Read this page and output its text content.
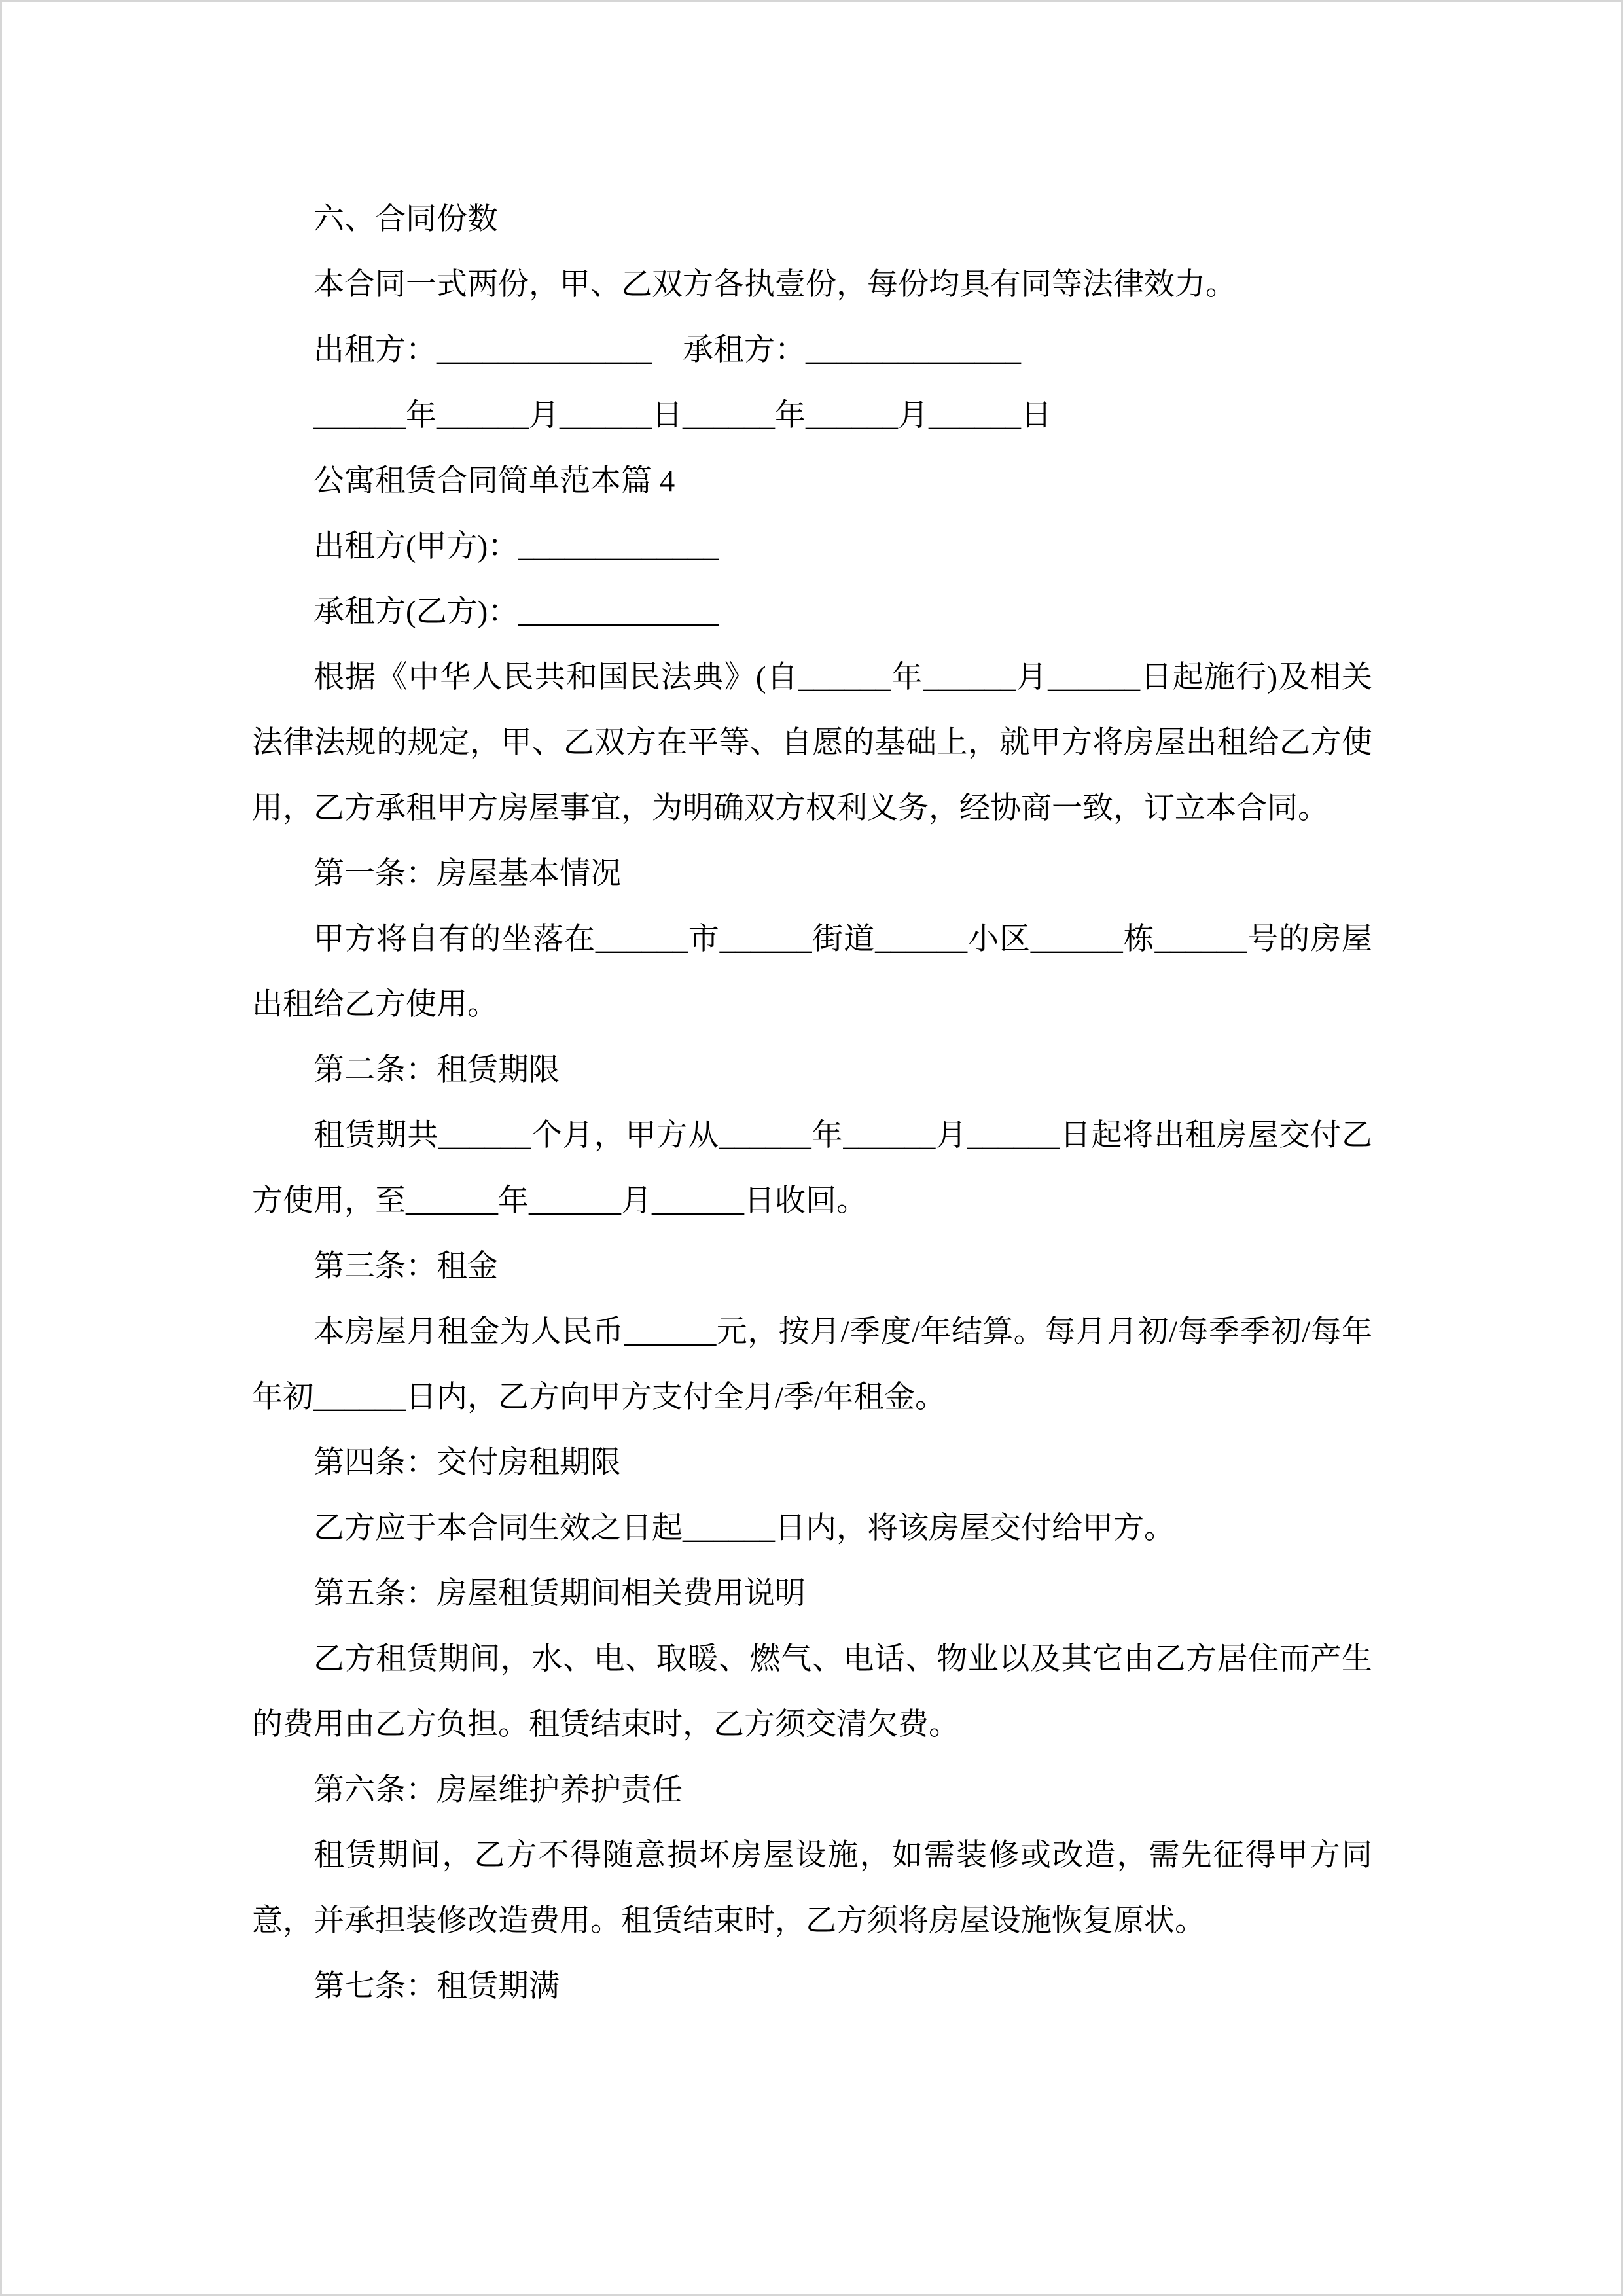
六、合同份数

本合同一式两份，甲、乙双方各执壹份，每份均具有同等法律效力。

出租方：______________　承租方：______________

______年______月______日______年______月______日

公寓租赁合同简单范本篇 4

出租方(甲方)：_____________

承租方(乙方)：_____________

根据《中华人民共和国民法典》(自______年______月______日起施行)及相关法律法规的规定，甲、乙双方在平等、自愿的基础上，就甲方将房屋出租给乙方使用，乙方承租甲方房屋事宜，为明确双方权利义务，经协商一致，订立本合同。

第一条：房屋基本情况

甲方将自有的坐落在______市______街道______小区______栋______号的房屋出租给乙方使用。

第二条：租赁期限

租赁期共______个月，甲方从______年______月______日起将出租房屋交付乙方使用，至______年______月______日收回。

第三条：租金

本房屋月租金为人民币______元，按月/季度/年结算。每月月初/每季季初/每年年初______日内，乙方向甲方支付全月/季/年租金。

第四条：交付房租期限

乙方应于本合同生效之日起______日内，将该房屋交付给甲方。

第五条：房屋租赁期间相关费用说明

乙方租赁期间，水、电、取暖、燃气、电话、物业以及其它由乙方居住而产生的费用由乙方负担。租赁结束时，乙方须交清欠费。

第六条：房屋维护养护责任

租赁期间，乙方不得随意损坏房屋设施，如需装修或改造，需先征得甲方同意，并承担装修改造费用。租赁结束时，乙方须将房屋设施恢复原状。

第七条：租赁期满
